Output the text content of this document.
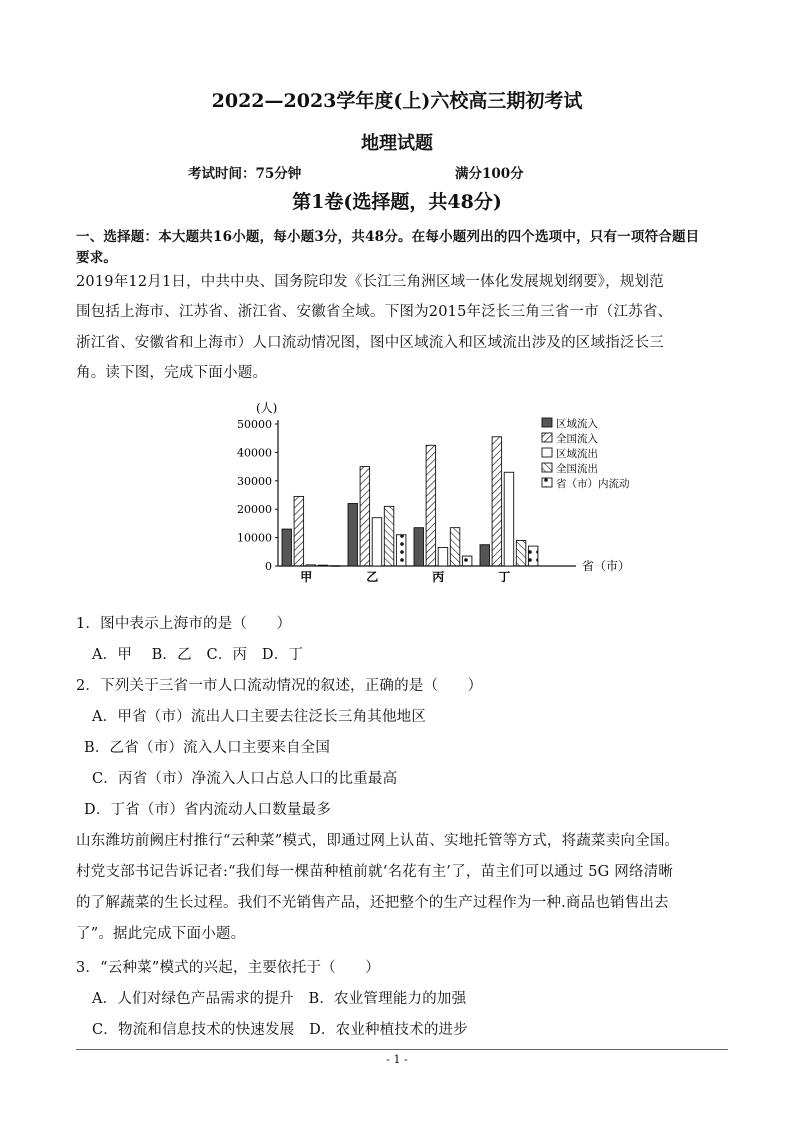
2022—2023学年度(上)六校高三期初考试
地理试题
考试时间：75分钟	满分100分
第1卷(选择题，共48分)
一、选择题：本大题共16小题，每小题3分，共48分。在每小题列出的四个选项中，只有一项符合题目
要求。
2019年12月1日，中共中央、国务院印发《长江三角洲区域一体化发展规划纲要》，规划范
围包括上海市、江苏省、浙江省、安徽省全域。下图为2015年泛长三角三省一市（江苏省、
浙江省、安徽省和上海市）人口流动情况图，图中区域流入和区域流出涉及的区域指泛长三
角。读下图，完成下面小题。
(人)
省（市）
0
10000
20000
30000
40000
50000
甲	乙	丙	丁
区域流入
全国流入
区域流出
全国流出
省（市）内流动
1．图中表示上海市的是（　　）
A．甲　 B．乙　C．丙　D．丁
2．下列关于三省一市人口流动情况的叙述，正确的是（　　）
A．甲省（市）流出人口主要去往泛长三角其他地区
B．乙省（市）流入人口主要来自全国
C．丙省（市）净流入人口占总人口的比重最高
D．丁省（市）省内流动人口数量最多
山东潍坊前阙庄村推行“云种菜”模式，即通过网上认苗、实地托管等方式，将蔬菜卖向全国。
村党支部书记告诉记者:“我们每一棵苗种植前就‘名花有主’了，苗主们可以通过 5G 网络清晰
的了解蔬菜的生长过程。我们不光销售产品，还把整个的生产过程作为一种.商品也销售出去
了”。据此完成下面小题。
3．“云种菜”模式的兴起，主要依托于（　　）
A．人们对绿色产品需求的提升　B．农业管理能力的加强
C．物流和信息技术的快速发展　D．农业种植技术的进步
- 1 -
